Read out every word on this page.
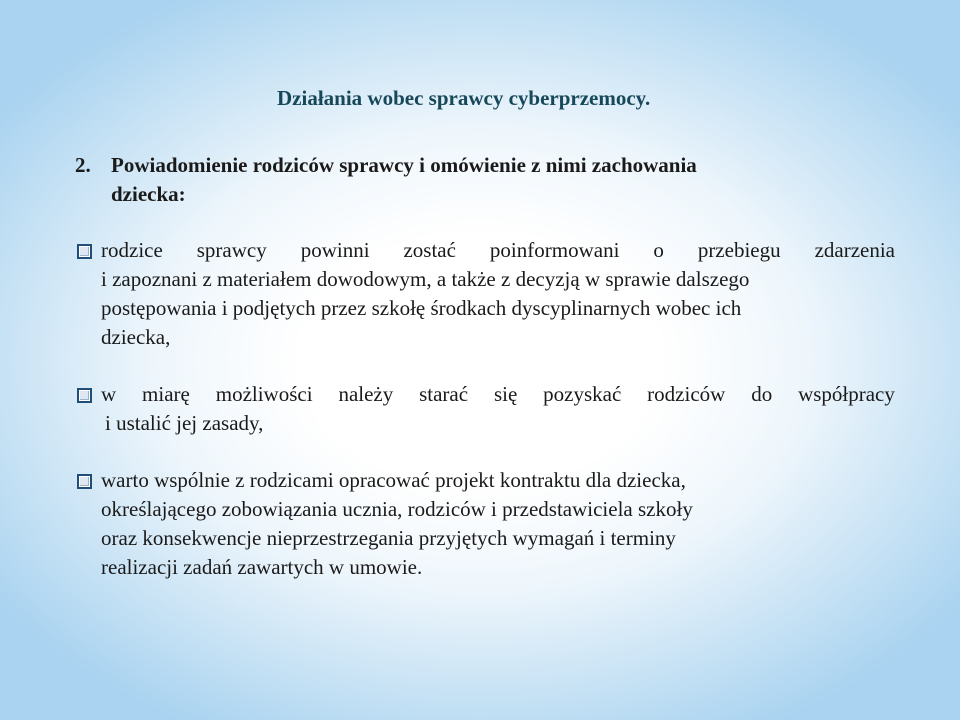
Działania wobec sprawcy cyberprzemocy.
2. Powiadomienie rodziców sprawcy i omówienie z nimi zachowania
dziecka:
rodzice sprawcy powinni zostać poinformowani o przebiegu zdarzenia
i zapoznani z materiałem dowodowym, a także z decyzją w sprawie dalszego
postępowania i podjętych przez szkołę środkach dyscyplinarnych wobec ich
dziecka,
w miarę możliwości należy starać się pozyskać rodziców do współpracy
i ustalić jej zasady,
warto wspólnie z rodzicami opracować projekt kontraktu dla dziecka,
określającego zobowiązania ucznia, rodziców i przedstawiciela szkoły
oraz konsekwencje nieprzestrzegania przyjętych wymagań i terminy
realizacji zadań zawartych w umowie.
